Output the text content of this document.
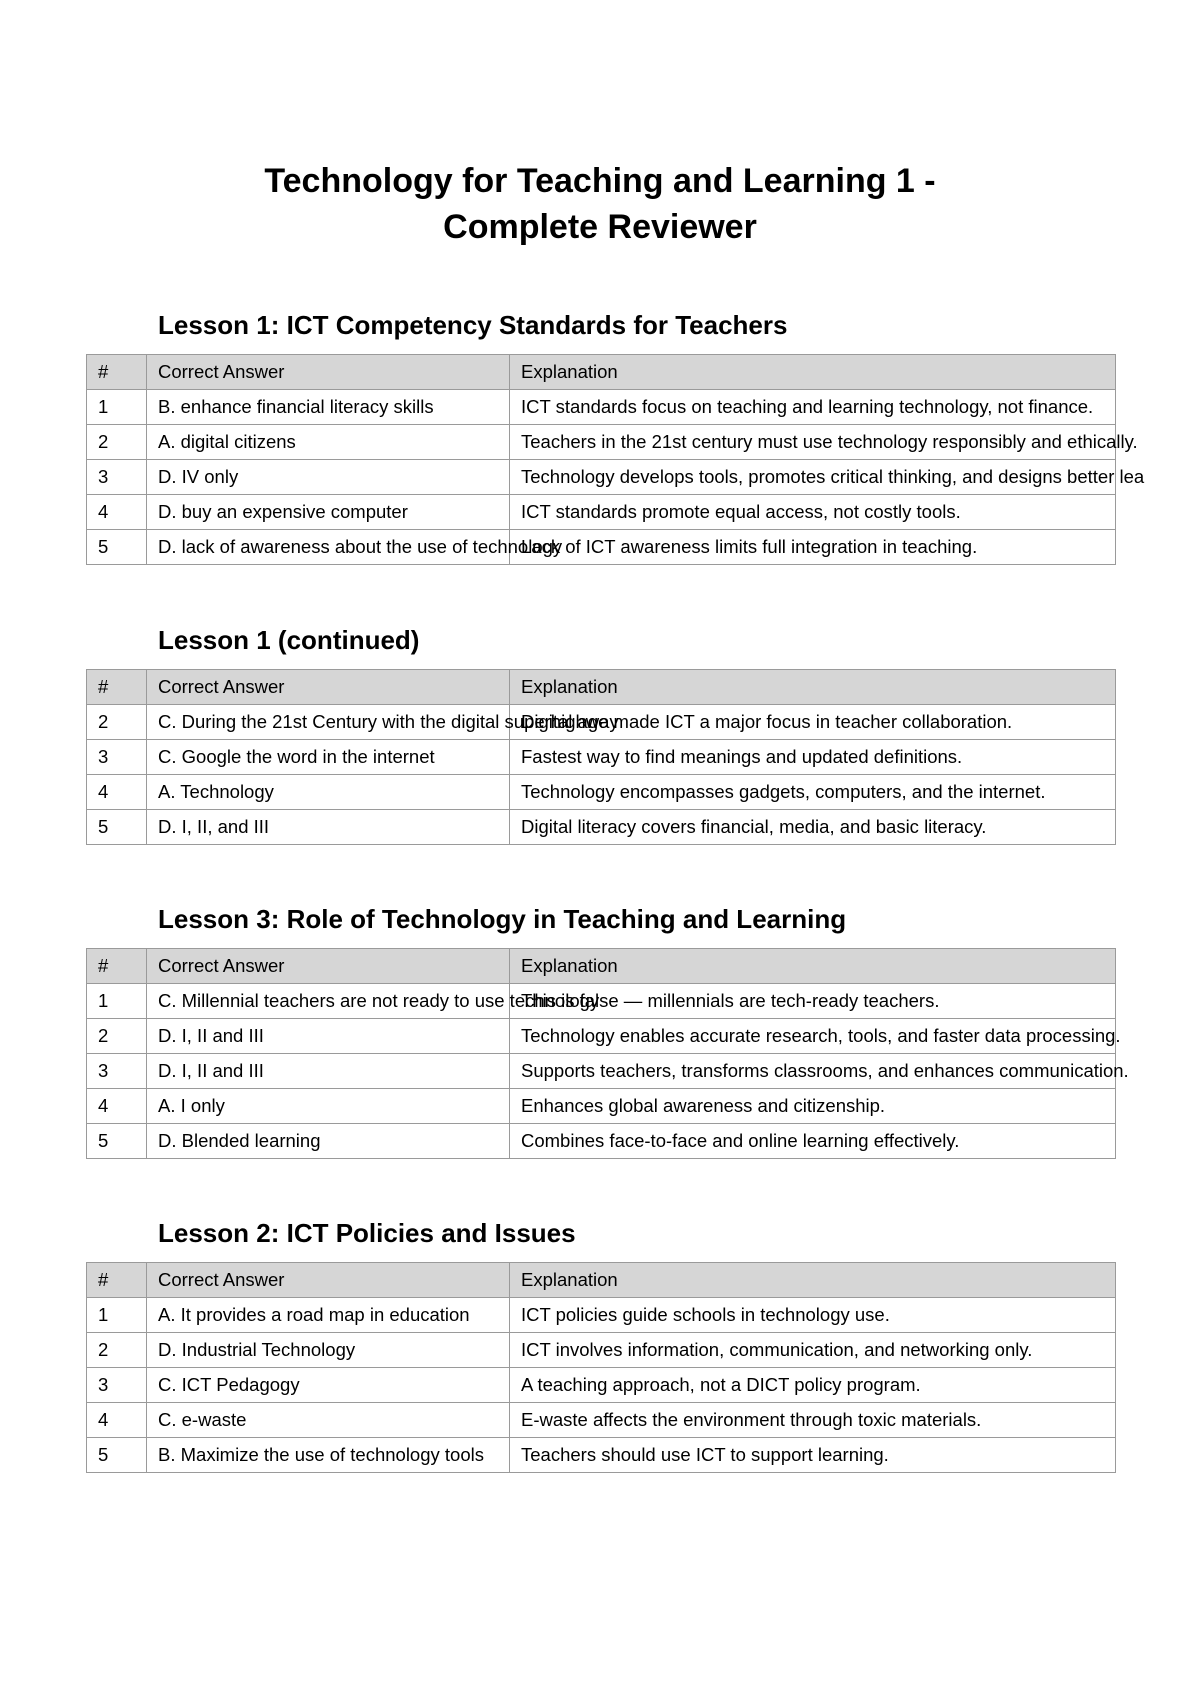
Technology for Teaching and Learning 1 -
Complete Reviewer
Lesson 1: ICT Competency Standards for Teachers
#	Correct Answer	Explanation
1	B. enhance financial literacy skills	ICT standards focus on teaching and learning technology, not finance.
2	A. digital citizens	Teachers in the 21st century must use technology responsibly and ethically.
3	D. IV only	Technology develops tools, promotes critical thinking, and designs better lea
4	D. buy an expensive computer	ICT standards promote equal access, not costly tools.
5	D. lack of awareness about the use of technology	Lack of ICT awareness limits full integration in teaching.
Lesson 1 (continued)
#	Correct Answer	Explanation
2	C. During the 21st Century with the digital superhighway	Digital age made ICT a major focus in teacher collaboration.
3	C. Google the word in the internet	Fastest way to find meanings and updated definitions.
4	A. Technology	Technology encompasses gadgets, computers, and the internet.
5	D. I, II, and III	Digital literacy covers financial, media, and basic literacy.
Lesson 3: Role of Technology in Teaching and Learning
#	Correct Answer	Explanation
1	C. Millennial teachers are not ready to use technology	This is false — millennials are tech-ready teachers.
2	D. I, II and III	Technology enables accurate research, tools, and faster data processing.
3	D. I, II and III	Supports teachers, transforms classrooms, and enhances communication.
4	A. I only	Enhances global awareness and citizenship.
5	D. Blended learning	Combines face-to-face and online learning effectively.
Lesson 2: ICT Policies and Issues
#	Correct Answer	Explanation
1	A. It provides a road map in education	ICT policies guide schools in technology use.
2	D. Industrial Technology	ICT involves information, communication, and networking only.
3	C. ICT Pedagogy	A teaching approach, not a DICT policy program.
4	C. e-waste	E-waste affects the environment through toxic materials.
5	B. Maximize the use of technology tools	Teachers should use ICT to support learning.
